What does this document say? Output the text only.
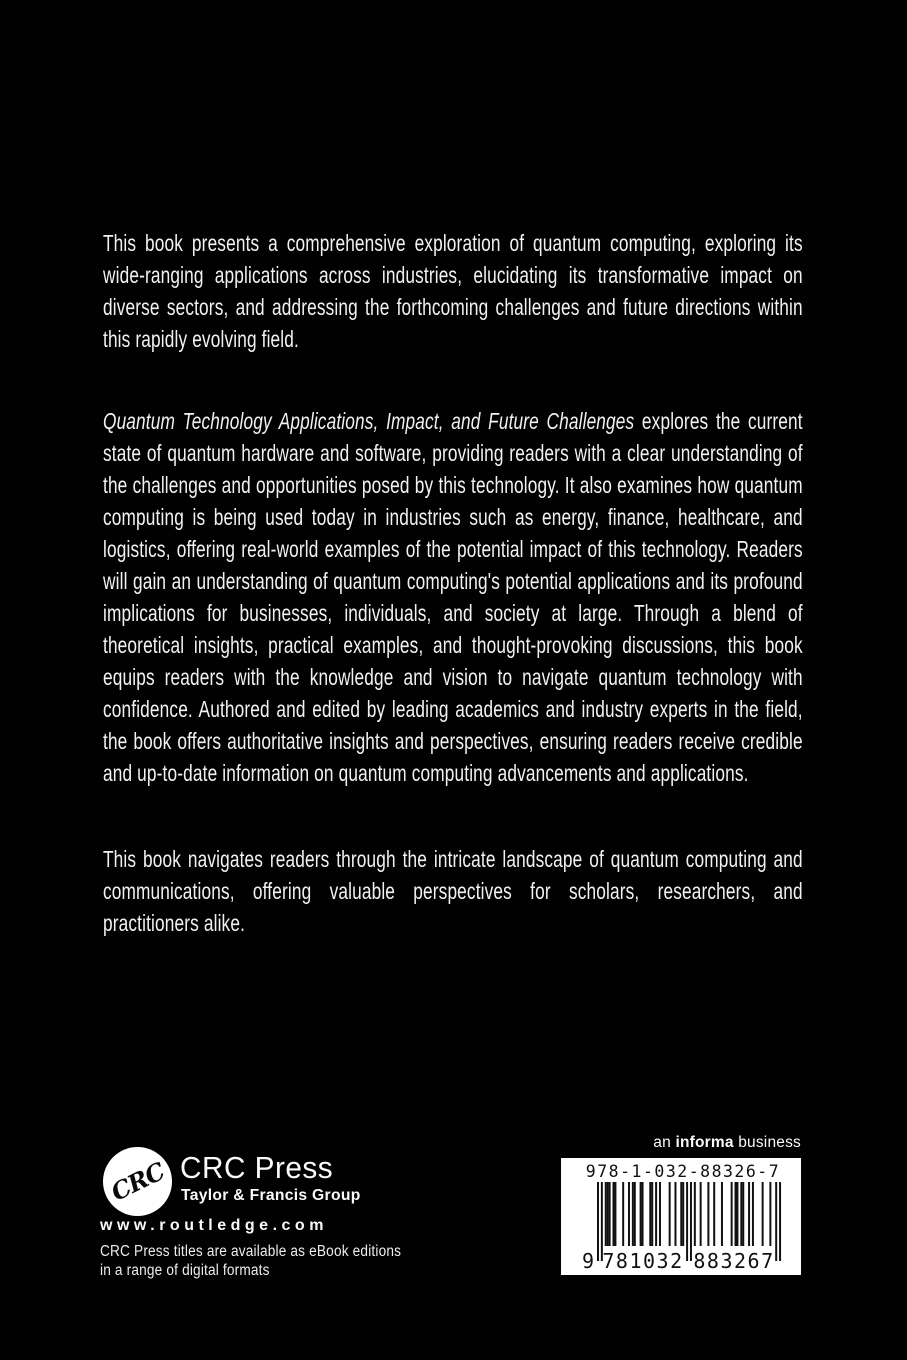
This book presents a comprehensive exploration of quantum computing, exploring its wide-ranging applications across industries, elucidating its transformative impact on diverse sectors, and addressing the forthcoming challenges and future directions within this rapidly evolving field.

Quantum Technology Applications, Impact, and Future Challenges explores the current state of quantum hardware and software, providing readers with a clear understanding of the challenges and opportunities posed by this technology. It also examines how quantum computing is being used today in industries such as energy, finance, healthcare, and logistics, offering real-world examples of the potential impact of this technology. Readers will gain an understanding of quantum computing's potential applications and its profound implications for businesses, individuals, and society at large. Through a blend of theoretical insights, practical examples, and thought-provoking discussions, this book equips readers with the knowledge and vision to navigate quantum technology with confidence. Authored and edited by leading academics and industry experts in the field, the book offers authoritative insights and perspectives, ensuring readers receive credible and up-to-date information on quantum computing advancements and applications.

This book navigates readers through the intricate landscape of quantum computing and communications, offering valuable perspectives for scholars, researchers, and practitioners alike.

CRC CRC Press
Taylor & Francis Group
www.routledge.com
CRC Press titles are available as eBook editions
in a range of digital formats
an informa business
978-1-032-88326-7
9 781032 883267
